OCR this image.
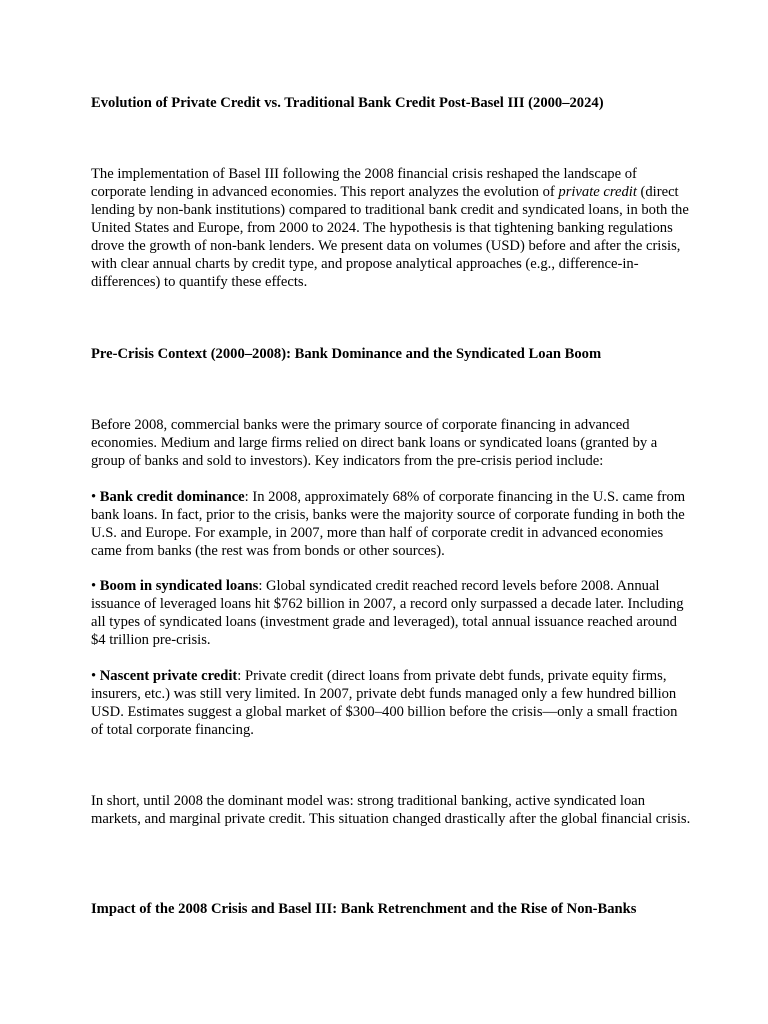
Evolution of Private Credit vs. Traditional Bank Credit Post-Basel III (2000–2024)

The implementation of Basel III following the 2008 financial crisis reshaped the landscape of corporate lending in advanced economies. This report analyzes the evolution of private credit (direct lending by non-bank institutions) compared to traditional bank credit and syndicated loans, in both the United States and Europe, from 2000 to 2024. The hypothesis is that tightening banking regulations drove the growth of non-bank lenders. We present data on volumes (USD) before and after the crisis, with clear annual charts by credit type, and propose analytical approaches (e.g., difference-in-differences) to quantify these effects.

Pre-Crisis Context (2000–2008): Bank Dominance and the Syndicated Loan Boom

Before 2008, commercial banks were the primary source of corporate financing in advanced economies. Medium and large firms relied on direct bank loans or syndicated loans (granted by a group of banks and sold to investors). Key indicators from the pre-crisis period include:

• Bank credit dominance: In 2008, approximately 68% of corporate financing in the U.S. came from bank loans. In fact, prior to the crisis, banks were the majority source of corporate funding in both the U.S. and Europe. For example, in 2007, more than half of corporate credit in advanced economies came from banks (the rest was from bonds or other sources).

• Boom in syndicated loans: Global syndicated credit reached record levels before 2008. Annual issuance of leveraged loans hit $762 billion in 2007, a record only surpassed a decade later. Including all types of syndicated loans (investment grade and leveraged), total annual issuance reached around $4 trillion pre-crisis.

• Nascent private credit: Private credit (direct loans from private debt funds, private equity firms, insurers, etc.) was still very limited. In 2007, private debt funds managed only a few hundred billion USD. Estimates suggest a global market of $300–400 billion before the crisis—only a small fraction of total corporate financing.

In short, until 2008 the dominant model was: strong traditional banking, active syndicated loan markets, and marginal private credit. This situation changed drastically after the global financial crisis.

Impact of the 2008 Crisis and Basel III: Bank Retrenchment and the Rise of Non-Banks
